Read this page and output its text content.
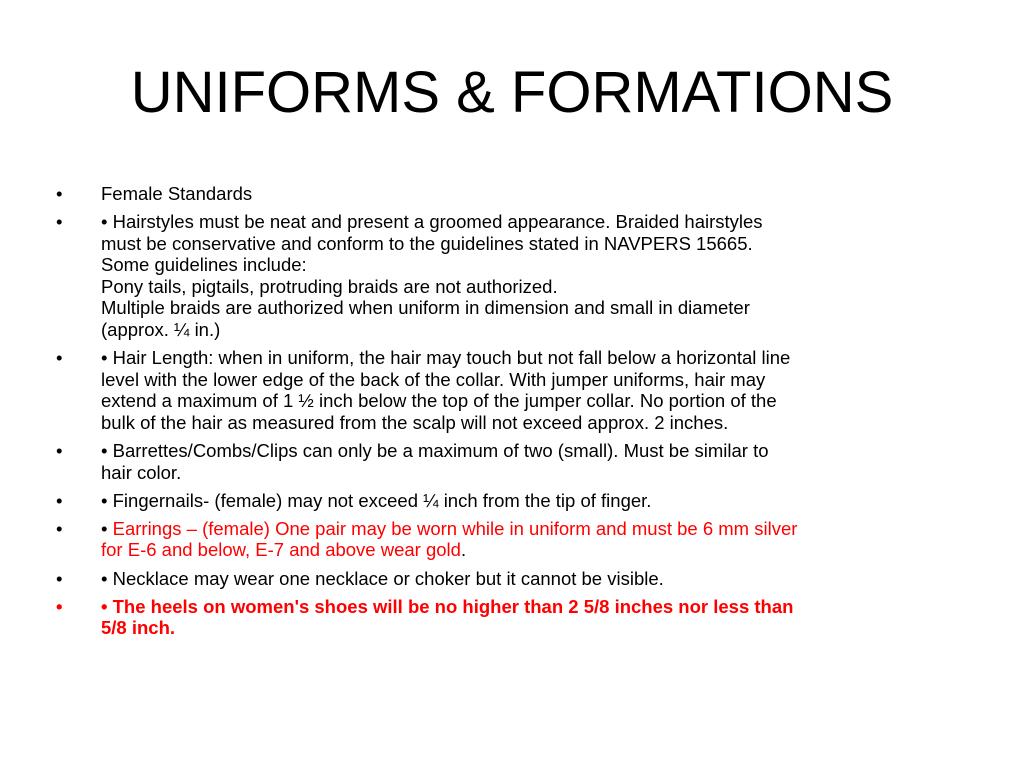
UNIFORMS & FORMATIONS
• Female Standards
• • Hairstyles must be neat and present a groomed appearance. Braided hairstyles
must be conservative and conform to the guidelines stated in NAVPERS 15665.
Some guidelines include:
Pony tails, pigtails, protruding braids are not authorized.
Multiple braids are authorized when uniform in dimension and small in diameter
(approx. ¼ in.)
• • Hair Length: when in uniform, the hair may touch but not fall below a horizontal line
level with the lower edge of the back of the collar. With jumper uniforms, hair may
extend a maximum of 1 ½ inch below the top of the jumper collar. No portion of the
bulk of the hair as measured from the scalp will not exceed approx. 2 inches.
• • Barrettes/Combs/Clips can only be a maximum of two (small). Must be similar to
hair color.
• • Fingernails- (female) may not exceed ¼ inch from the tip of finger.
• • Earrings – (female) One pair may be worn while in uniform and must be 6 mm silver
for E-6 and below, E-7 and above wear gold.
• • Necklace may wear one necklace or choker but it cannot be visible.
• • The heels on women's shoes will be no higher than 2 5/8 inches nor less than
5/8 inch.
